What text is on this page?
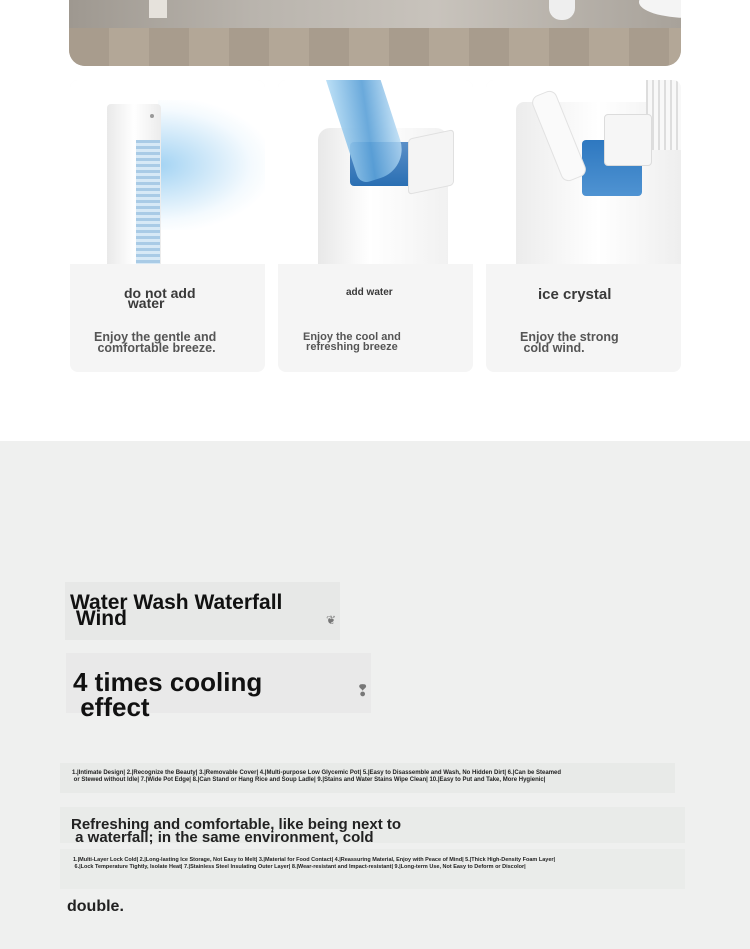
do not add
water
Enjoy the gentle and
comfortable breeze.
add water
Enjoy the cool and
refreshing breeze
ice crystal
Enjoy the strong
cold wind.
Water Wash Waterfall
Wind	❦
4 times cooling
effect
❢
1.|Intimate Design| 2.|Recognize the Beauty| 3.|Removable Cover| 4.|Multi-purpose Low Glycemic Pot| 5.|Easy to Disassemble and Wash, No Hidden Dirt| 6.|Can be Steamed
or Stewed without Idle| 7.|Wide Pot Edge| 8.|Can Stand or Hang Rice and Soup Ladle| 9.|Stains and Water Stains Wipe Clean| 10.|Easy to Put and Take, More Hygienic|
Refreshing and comfortable, like being next to
a waterfall; in the same environment, cold
1.|Multi-Layer Lock Cold| 2.|Long-lasting Ice Storage, Not Easy to Melt| 3.|Material for Food Contact| 4.|Reassuring Material, Enjoy with Peace of Mind| 5.|Thick High-Density Foam Layer|
6.|Lock Temperature Tightly, Isolate Heat| 7.|Stainless Steel Insulating Outer Layer| 8.|Wear-resistant and Impact-resistant| 9.|Long-term Use, Not Easy to Deform or Discolor|
double.
